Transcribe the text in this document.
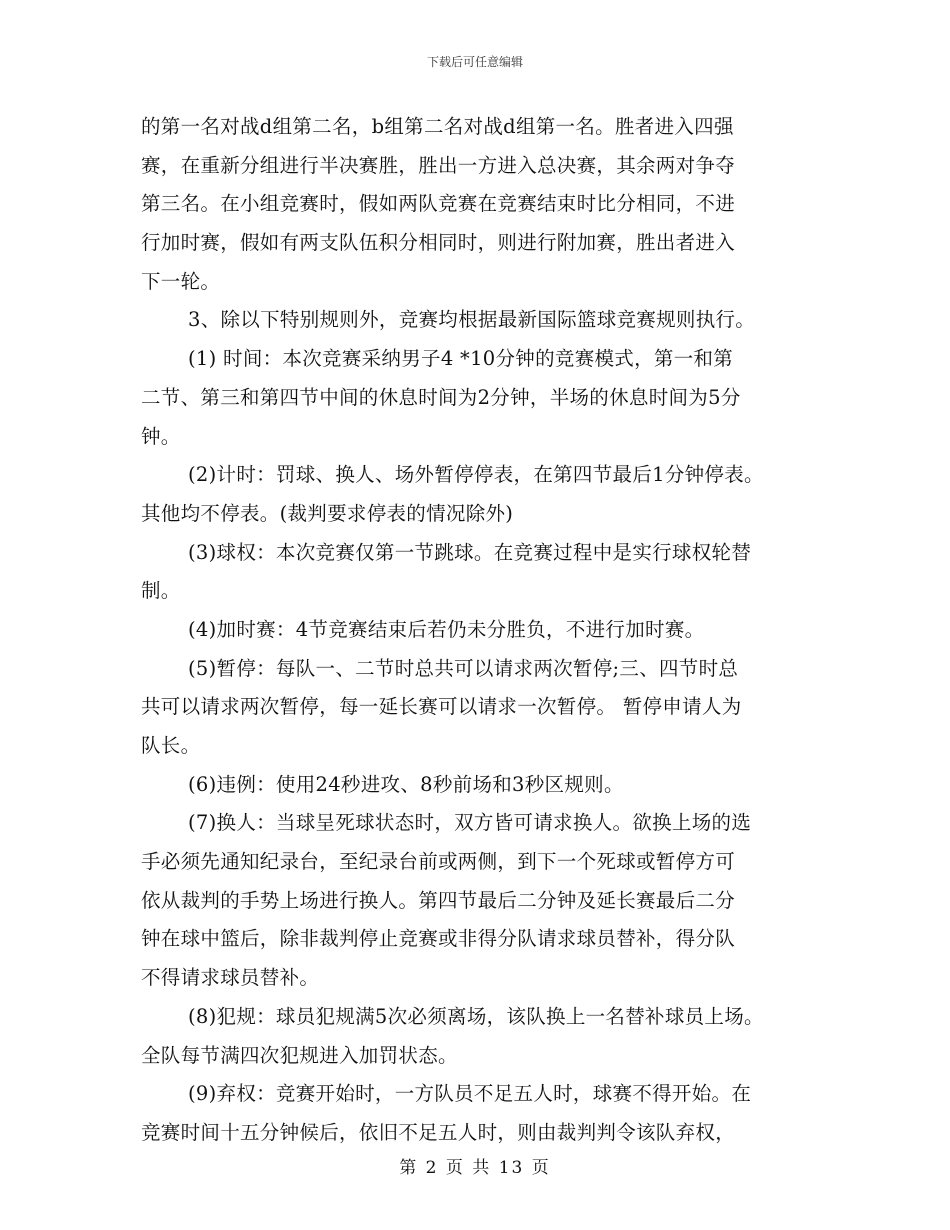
下载后可任意编辑
的第一名对战d组第二名，b组第二名对战d组第一名。胜者进入四强
赛，在重新分组进行半决赛胜，胜出一方进入总决赛，其余两对争夺
第三名。在小组竞赛时，假如两队竞赛在竞赛结束时比分相同，不进
行加时赛，假如有两支队伍积分相同时，则进行附加赛，胜出者进入
下一轮。
3、除以下特别规则外，竞赛均根据最新国际篮球竞赛规则执行。
(1) 时间：本次竞赛采纳男子4 *10分钟的竞赛模式，第一和第
二节、第三和第四节中间的休息时间为2分钟，半场的休息时间为5分
钟。
(2)计时：罚球、换人、场外暂停停表，在第四节最后1分钟停表。
其他均不停表。(裁判要求停表的情况除外)
(3)球权：本次竞赛仅第一节跳球。在竞赛过程中是实行球权轮替
制。
(4)加时赛：4节竞赛结束后若仍未分胜负，不进行加时赛。
(5)暂停：每队一、二节时总共可以请求两次暂停;三、四节时总
共可以请求两次暂停，每一延长赛可以请求一次暂停。 暂停申请人为
队长。
(6)违例：使用24秒进攻、8秒前场和3秒区规则。
(7)换人：当球呈死球状态时，双方皆可请求换人。欲换上场的选
手必须先通知纪录台，至纪录台前或两侧，到下一个死球或暂停方可
依从裁判的手势上场进行换人。第四节最后二分钟及延长赛最后二分
钟在球中篮后，除非裁判停止竞赛或非得分队请求球员替补，得分队
不得请求球员替补。
(8)犯规：球员犯规满5次必须离场，该队换上一名替补球员上场。
全队每节满四次犯规进入加罚状态。
(9)弃权：竞赛开始时，一方队员不足五人时，球赛不得开始。在
竞赛时间十五分钟候后，依旧不足五人时，则由裁判判令该队弃权，
第 2 页 共 13 页
